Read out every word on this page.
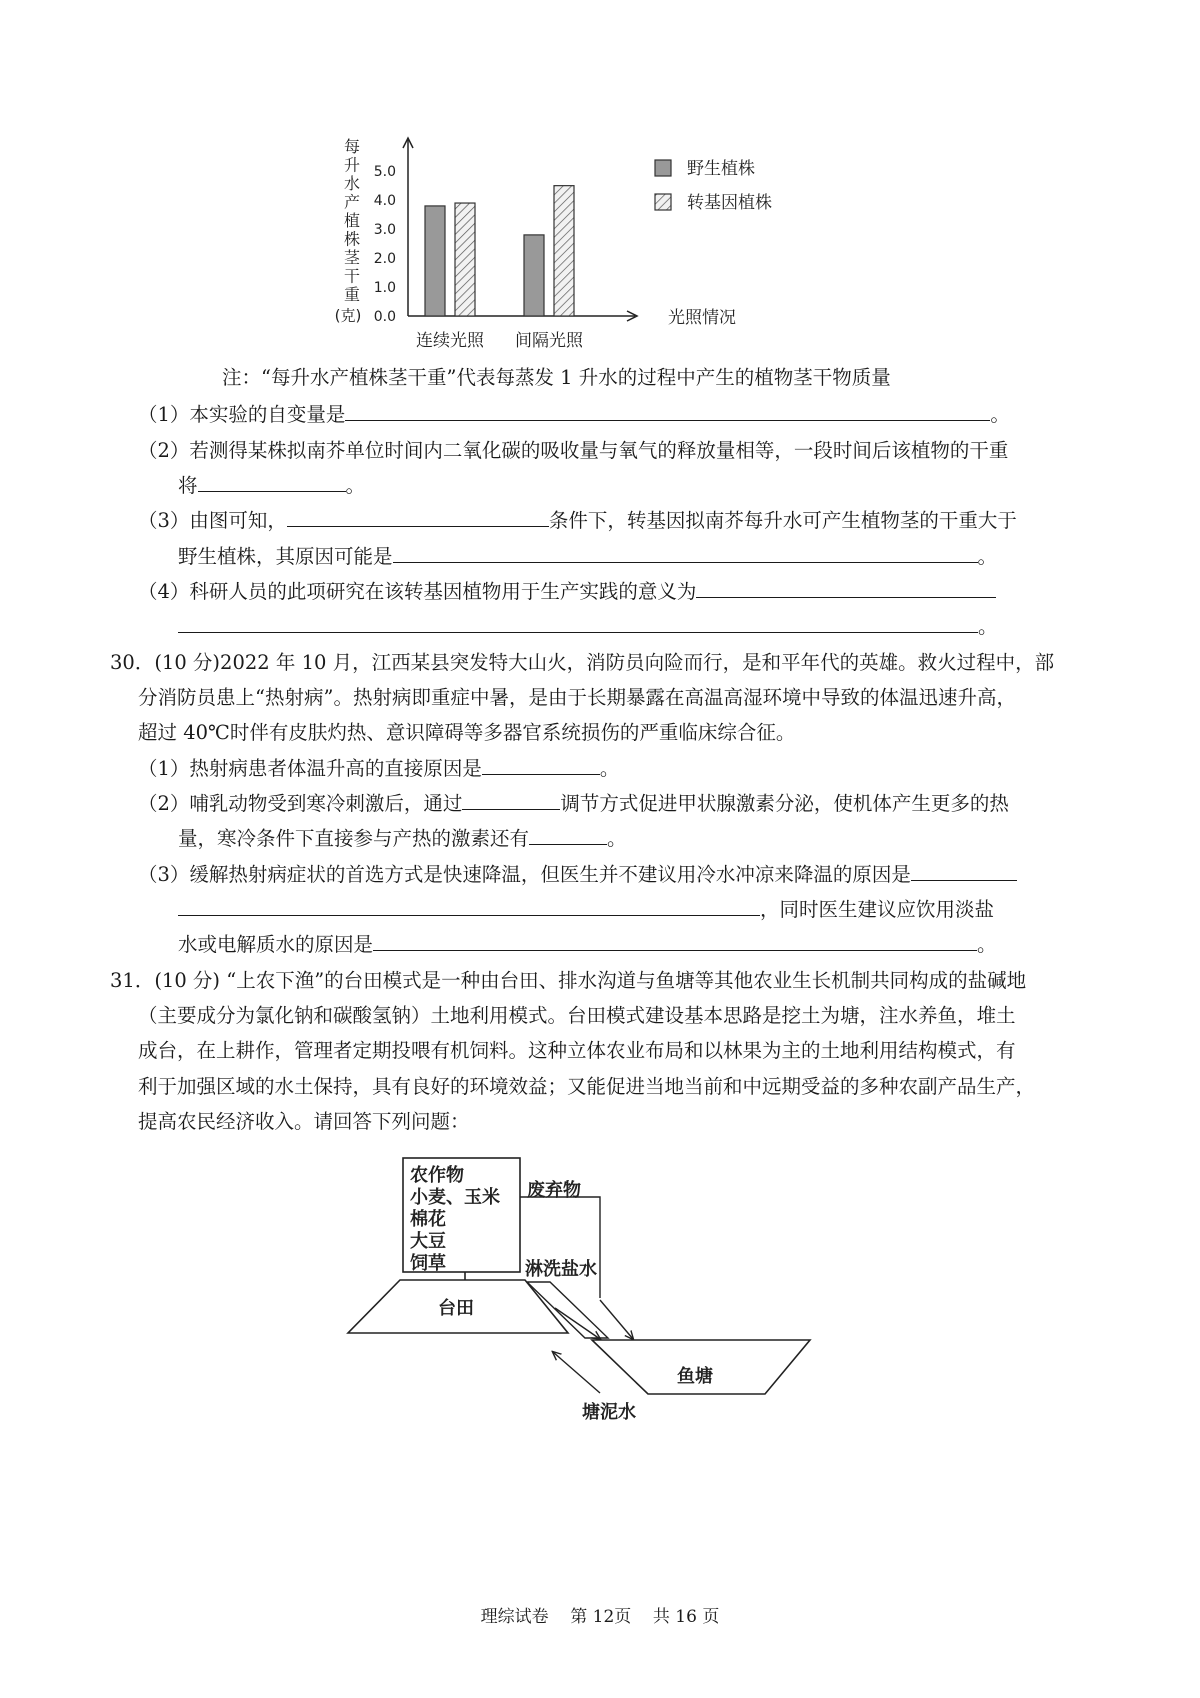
每
升
水
产
植
株
茎
干
重
(克) 0.0
1.0
2.0
3.0
4.0
5.0
连续光照 间隔光照
光照情况
野生植株
转基因植株
注：“每升水产植株茎干重”代表每蒸发 1 升水的过程中产生的植物茎干物质量
（1）本实验的自变量是	。
（2）若测得某株拟南芥单位时间内二氧化碳的吸收量与氧气的释放量相等，一段时间后该植物的干重
将	。
（3）由图可知，	条件下，转基因拟南芥每升水可产生植物茎的干重大于
野生植株，其原因可能是	。
（4）科研人员的此项研究在该转基因植物用于生产实践的意义为
。
30．(10 分)2022 年 10 月，江西某县突发特大山火，消防员向险而行，是和平年代的英雄。救火过程中，部
分消防员患上“热射病”。热射病即重症中暑，是由于长期暴露在高温高湿环境中导致的体温迅速升高，
超过 40℃时伴有皮肤灼热、意识障碍等多器官系统损伤的严重临床综合征。
（1）热射病患者体温升高的直接原因是	。
（2）哺乳动物受到寒冷刺激后，通过	调节方式促进甲状腺激素分泌，使机体产生更多的热
量，寒冷条件下直接参与产热的激素还有	。
（3）缓解热射病症状的首选方式是快速降温，但医生并不建议用冷水冲凉来降温的原因是
，同时医生建议应饮用淡盐
水或电解质水的原因是	。
31．(10 分) “上农下渔”的台田模式是一种由台田、排水沟道与鱼塘等其他农业生长机制共同构成的盐碱地
（主要成分为氯化钠和碳酸氢钠）土地利用模式。台田模式建设基本思路是挖土为塘，注水养鱼，堆土
成台，在上耕作，管理者定期投喂有机饲料。这种立体农业布局和以林果为主的土地利用结构模式，有
利于加强区域的水土保持，具有良好的环境效益；又能促进当地当前和中远期受益的多种农副产品生产，
提高农民经济收入。请回答下列问题：
农作物
小麦、玉米
棉花
大豆
饲草
废弃物
淋洗盐水
台田
鱼塘
塘泥水
理综试卷    第 12页    共 16 页
